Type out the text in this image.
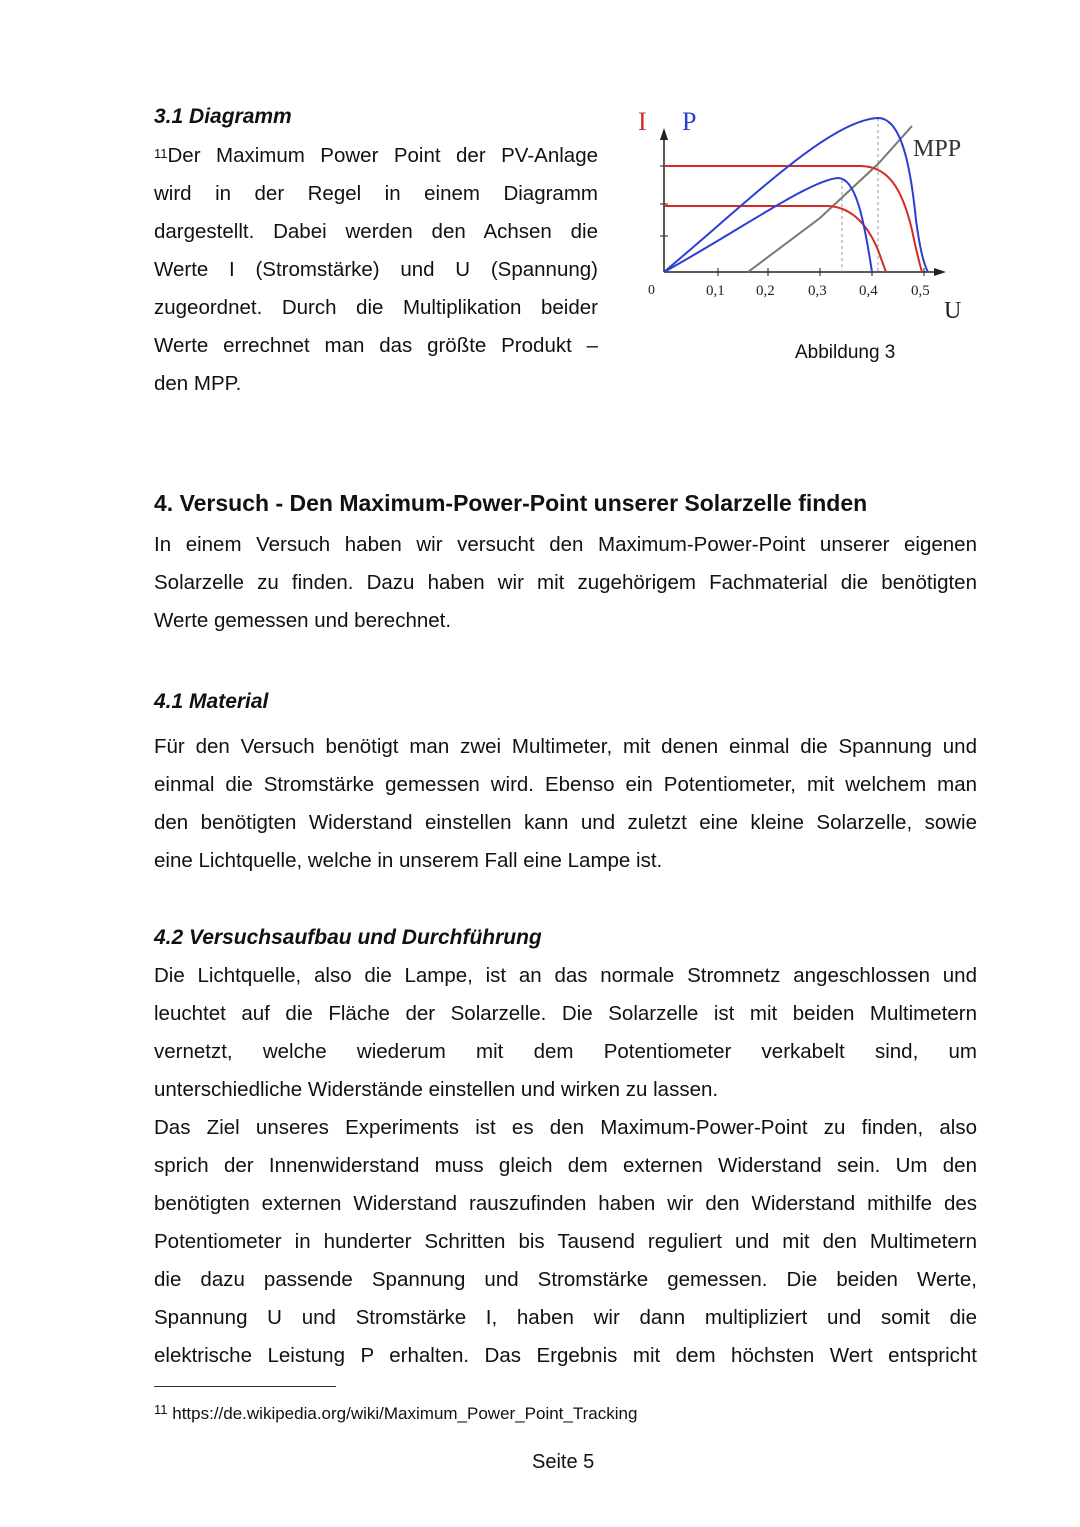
3.1 Diagramm
$^{11}$Der Maximum Power Point der PV-Anlage
wird in der Regel in einem Diagramm
dargestellt. Dabei werden den Achsen die
Werte I (Stromstärke) und U (Spannung)
zugeordnet. Durch die Multiplikation beider
Werte errechnet man das größte Produkt –
den MPP.
I P
MPP
0	0,1 0,2 0,3 0,4 0,5
U
Abbildung 3
4. Versuch - Den Maximum-Power-Point unserer Solarzelle finden
In einem Versuch haben wir versucht den Maximum-Power-Point unserer eigenen
Solarzelle zu finden. Dazu haben wir mit zugehörigem Fachmaterial die benötigten
Werte gemessen und berechnet.
4.1 Material
Für den Versuch benötigt man zwei Multimeter, mit denen einmal die Spannung und
einmal die Stromstärke gemessen wird. Ebenso ein Potentiometer, mit welchem man
den benötigten Widerstand einstellen kann und zuletzt eine kleine Solarzelle, sowie
eine Lichtquelle, welche in unserem Fall eine Lampe ist.
4.2 Versuchsaufbau und Durchführung
Die Lichtquelle, also die Lampe, ist an das normale Stromnetz angeschlossen und
leuchtet auf die Fläche der Solarzelle. Die Solarzelle ist mit beiden Multimetern
vernetzt, welche wiederum mit dem Potentiometer verkabelt sind, um
unterschiedliche Widerstände einstellen und wirken zu lassen.
Das Ziel unseres Experiments ist es den Maximum-Power-Point zu finden, also
sprich der Innenwiderstand muss gleich dem externen Widerstand sein. Um den
benötigten externen Widerstand rauszufinden haben wir den Widerstand mithilfe des
Potentiometer in hunderter Schritten bis Tausend reguliert und mit den Multimetern
die dazu passende Spannung und Stromstärke gemessen. Die beiden Werte,
Spannung U und Stromstärke I, haben wir dann multipliziert und somit die
elektrische Leistung P erhalten. Das Ergebnis mit dem höchsten Wert entspricht
$^{11}$ https://de.wikipedia.org/wiki/Maximum_Power_Point_Tracking
Seite 5
